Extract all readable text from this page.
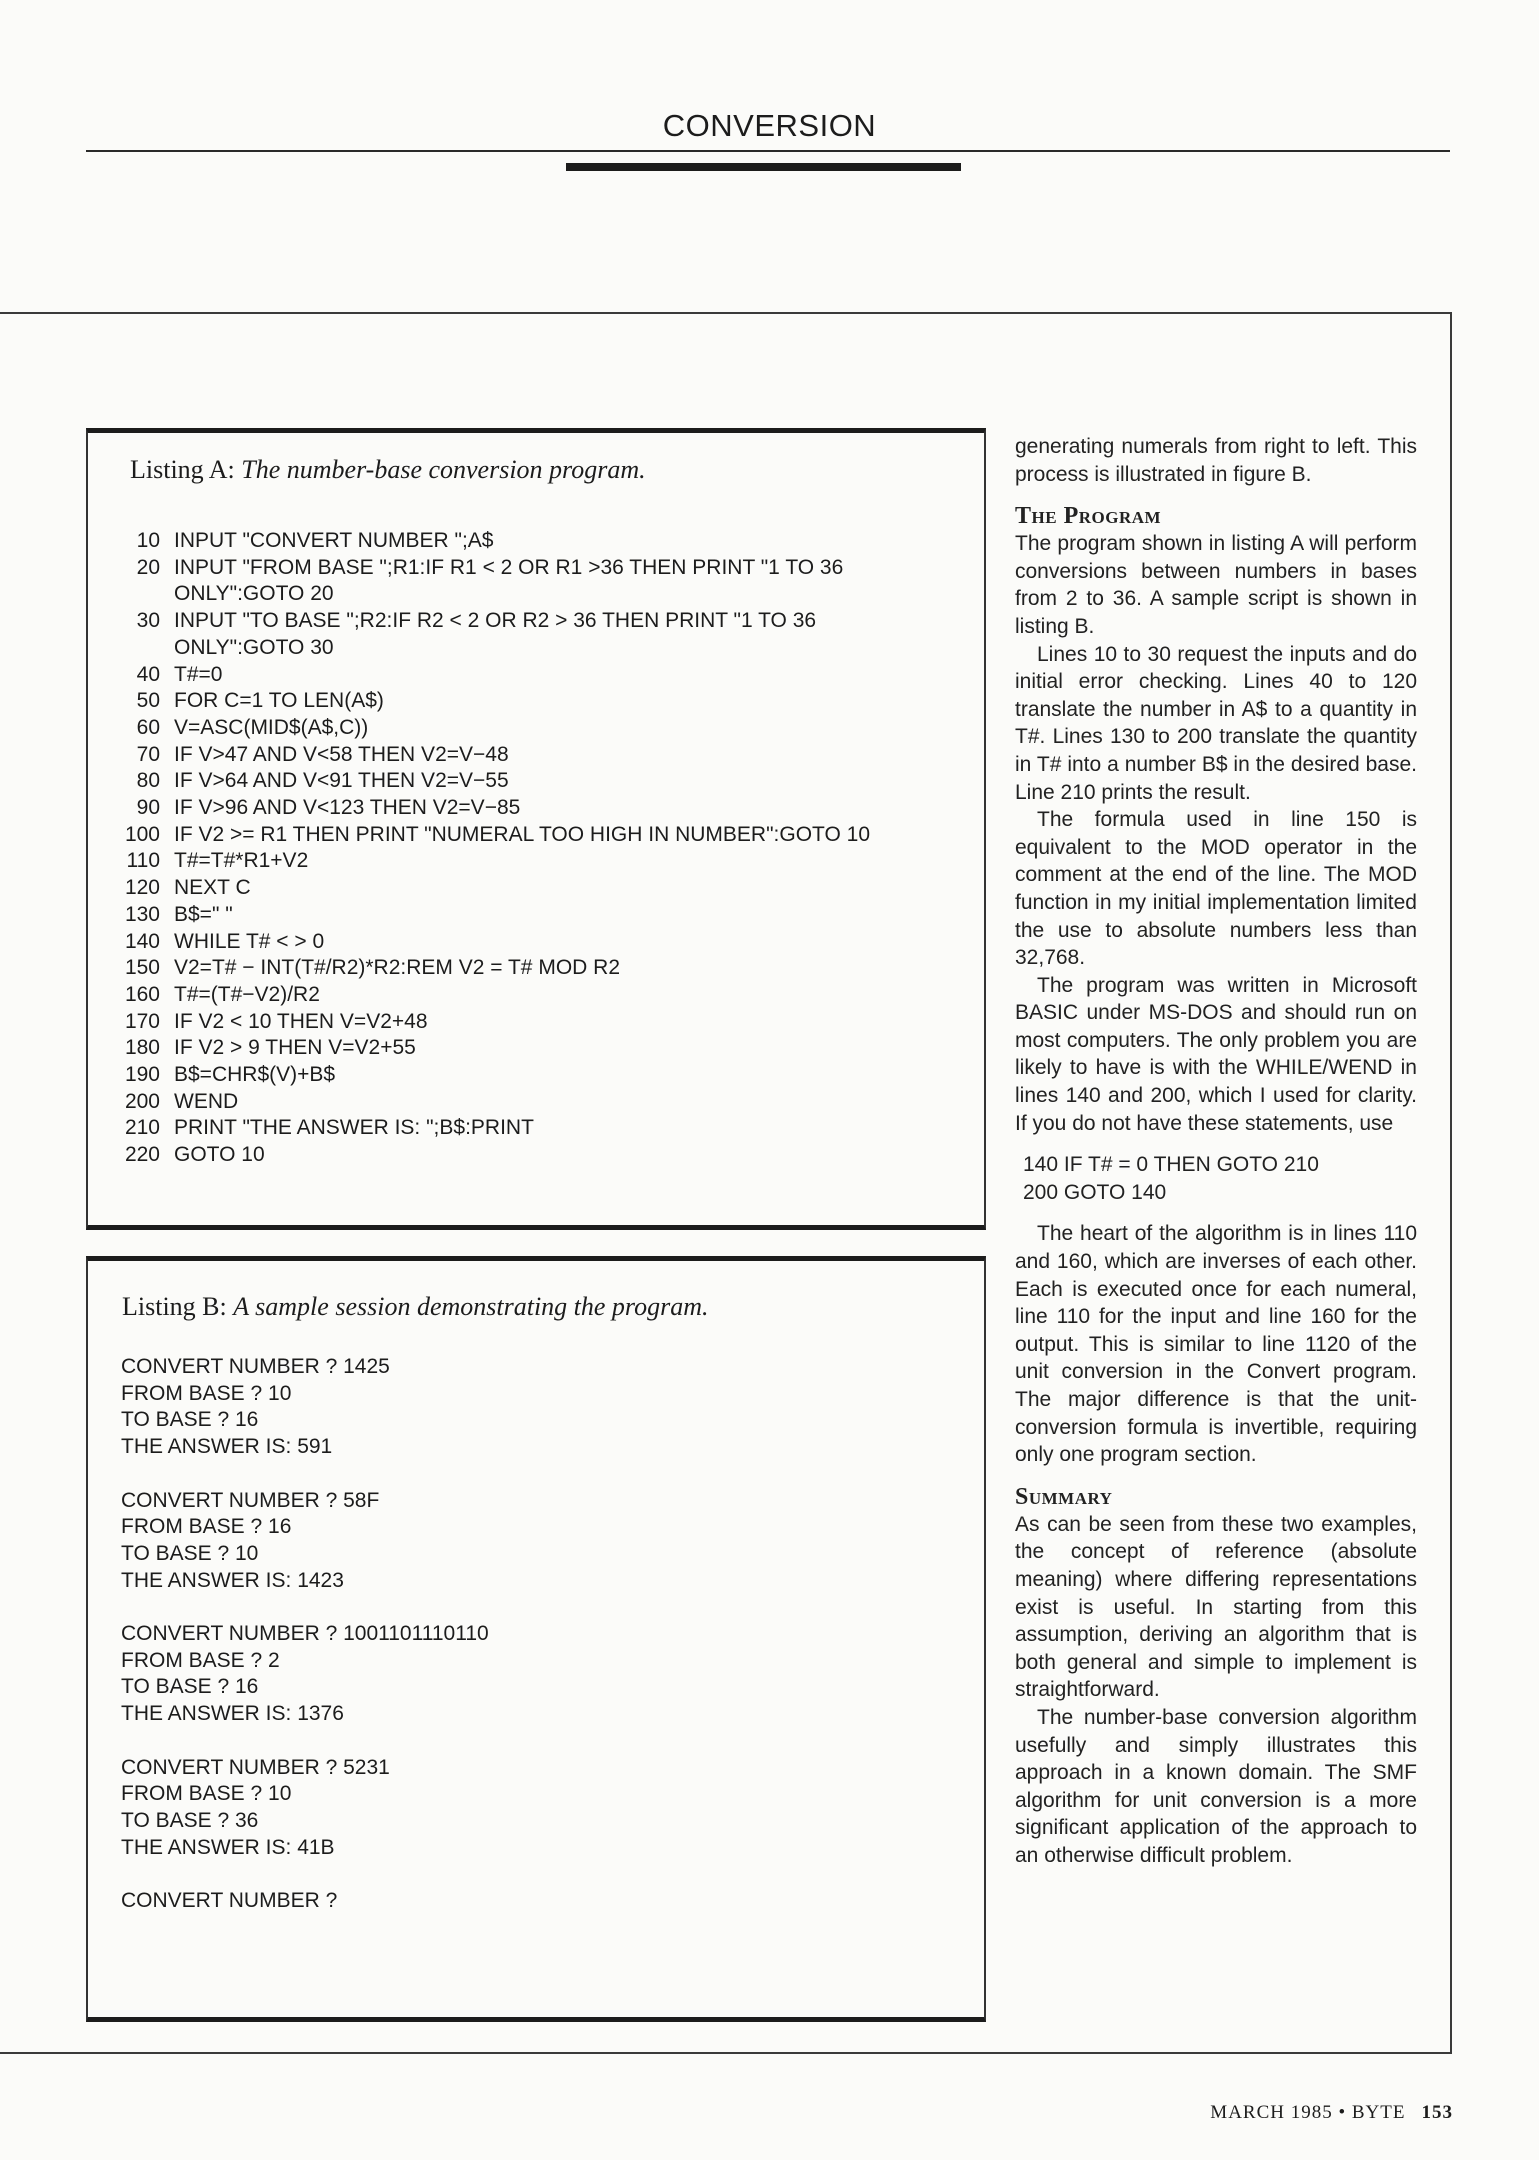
CONVERSION
Listing A: The number-base conversion program.
10 INPUT "CONVERT NUMBER ";A$
20 INPUT "FROM BASE ";R1:IF R1 < 2 OR R1 >36 THEN PRINT "1 TO 36 ONLY":GOTO 20
30 INPUT "TO BASE ";R2:IF R2 < 2 OR R2 > 36 THEN PRINT "1 TO 36 ONLY":GOTO 30
40 T#=0
50 FOR C=1 TO LEN(A$)
60 V=ASC(MID$(A$,C))
70 IF V>47 AND V<58 THEN V2=V−48
80 IF V>64 AND V<91 THEN V2=V−55
90 IF V>96 AND V<123 THEN V2=V−85
100 IF V2 >= R1 THEN PRINT "NUMERAL TOO HIGH IN NUMBER":GOTO 10
110 T#=T#*R1+V2
120 NEXT C
130 B$=" "
140 WHILE T# < > 0
150 V2=T# − INT(T#/R2)*R2:REM V2 = T# MOD R2
160 T#=(T#−V2)/R2
170 IF V2 < 10 THEN V=V2+48
180 IF V2 > 9 THEN V=V2+55
190 B$=CHR$(V)+B$
200 WEND
210 PRINT "THE ANSWER IS: ";B$:PRINT
220 GOTO 10
Listing B: A sample session demonstrating the program.
CONVERT NUMBER ? 1425
FROM BASE ? 10
TO BASE ? 16
THE ANSWER IS: 591
CONVERT NUMBER ? 58F
FROM BASE ? 16
TO BASE ? 10
THE ANSWER IS: 1423
CONVERT NUMBER ? 1001101110110
FROM BASE ? 2
TO BASE ? 16
THE ANSWER IS: 1376
CONVERT NUMBER ? 5231
FROM BASE ? 10
TO BASE ? 36
THE ANSWER IS: 41B
CONVERT NUMBER ?

generating numerals from right to left. This process is illustrated in figure B.

The Program

The program shown in listing A will perform conversions between numbers in bases from 2 to 36. A sample script is shown in listing B.

Lines 10 to 30 request the inputs and do initial error checking. Lines 40 to 120 translate the number in A$ to a quantity in T#. Lines 130 to 200 translate the quantity in T# into a number B$ in the desired base. Line 210 prints the result.

The formula used in line 150 is equivalent to the MOD operator in the comment at the end of the line. The MOD function in my initial implementation limited the use to absolute numbers less than 32,768.

The program was written in Microsoft BASIC under MS-DOS and should run on most computers. The only problem you are likely to have is with the WHILE/WEND in lines 140 and 200, which I used for clarity. If you do not have these statements, use

140 IF T# = 0 THEN GOTO 210
200 GOTO 140

The heart of the algorithm is in lines 110 and 160, which are inverses of each other. Each is executed once for each numeral, line 110 for the input and line 160 for the output. This is similar to line 1120 of the unit conversion in the Convert program. The major difference is that the unit-conversion formula is invertible, requiring only one program section.

Summary

As can be seen from these two examples, the concept of reference (absolute meaning) where differing representations exist is useful. In starting from this assumption, deriving an algorithm that is both general and simple to implement is straightforward.

The number-base conversion algorithm usefully and simply illustrates this approach in a known domain. The SMF algorithm for unit conversion is a more significant application of the approach to an otherwise difficult problem.

MARCH 1985 • BYTE 153
